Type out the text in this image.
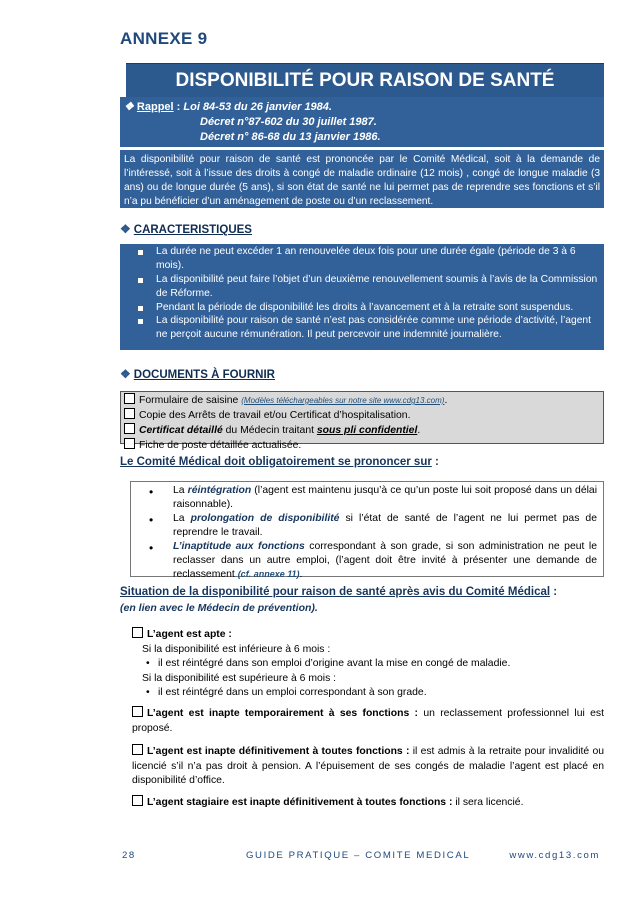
ANNEXE 9
DISPONIBILITÉ POUR RAISON DE SANTÉ
❖ Rappel : Loi 84-53 du 26 janvier 1984.
Décret n°87-602 du 30 juillet 1987.
Décret n° 86-68 du 13 janvier 1986.
La disponibilité pour raison de santé est prononcée par le Comité Médical, soit à la demande de l’intéressé, soit à l’issue des droits à congé de maladie ordinaire (12 mois) , congé de longue maladie (3 ans) ou de longue durée (5 ans), si son état de santé ne lui permet pas de reprendre ses fonctions et s’il n’a pu bénéficier d’un aménagement de poste ou d’un reclassement.
❖ CARACTERISTIQUES
La durée ne peut excéder 1 an renouvelée deux fois pour une durée égale (période de 3 à 6 mois).
La disponibilité peut faire l’objet d’un deuxième renouvellement soumis à l’avis de la Commission de Réforme.
Pendant la période de disponibilité les droits à l’avancement et à la retraite sont suspendus.
La disponibilité pour raison de santé n’est pas considérée comme une période d’activité, l’agent ne perçoit aucune rémunération. Il peut percevoir une indemnité journalière.
❖ DOCUMENTS À FOURNIR
Formulaire de saisine (Modèles téléchargeables sur notre site www.cdg13.com).
Copie des Arrêts de travail et/ou Certificat d’hospitalisation.
Certificat détaillé du Médecin traitant sous pli confidentiel.
Fiche de poste détaillée actualisée.
Le Comité Médical doit obligatoirement se prononcer sur :
• La réintégration (l’agent est maintenu jusqu’à ce qu’un poste lui soit proposé dans un délai raisonnable).
• La prolongation de disponibilité si l’état de santé de l’agent ne lui permet pas de reprendre le travail.
• L’inaptitude aux fonctions correspondant à son grade, si son administration ne peut le reclasser dans un autre emploi, (l’agent doit être invité à présenter une demande de reclassement (cf. annexe 11).
Situation de la disponibilité pour raison de santé après avis du Comité Médical :
(en lien avec le Médecin de prévention).
L’agent est apte :
Si la disponibilité est inférieure à 6 mois :
• il est réintégré dans son emploi d’origine avant la mise en congé de maladie.
Si la disponibilité est supérieure à 6 mois :
• il est réintégré dans un emploi correspondant à son grade.
L’agent est inapte temporairement à ses fonctions : un reclassement professionnel lui est proposé.
L’agent est inapte définitivement à toutes fonctions : il est admis à la retraite pour invalidité ou licencié s’il n’a pas droit à pension. A l’épuisement de ses congés de maladie l’agent est placé en disponibilité d’office.
L’agent stagiaire est inapte définitivement à toutes fonctions : il sera licencié.
28	GUIDE PRATIQUE – COMITE MEDICAL	www.cdg13.com
